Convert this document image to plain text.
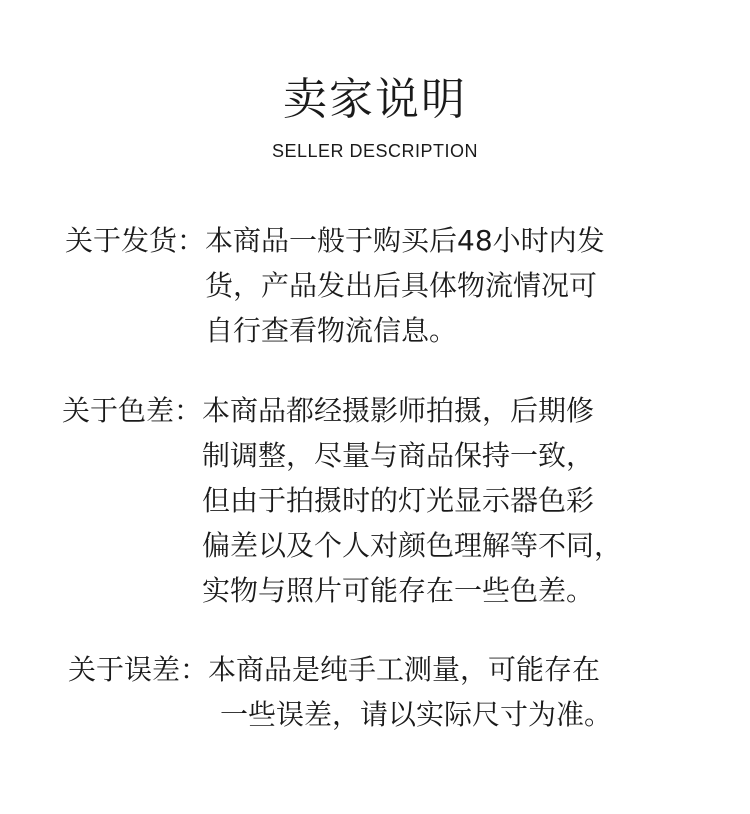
卖家说明
SELLER DESCRIPTION
关于发货： 本商品一般于购买后48小时内发
货，产品发出后具体物流情况可
自行查看物流信息。
关于色差： 本商品都经摄影师拍摄，后期修
制调整，尽量与商品保持一致，
但由于拍摄时的灯光显示器色彩
偏差以及个人对颜色理解等不同，
实物与照片可能存在一些色差。
关于误差： 本商品是纯手工测量，可能存在
一些误差，请以实际尺寸为准。
